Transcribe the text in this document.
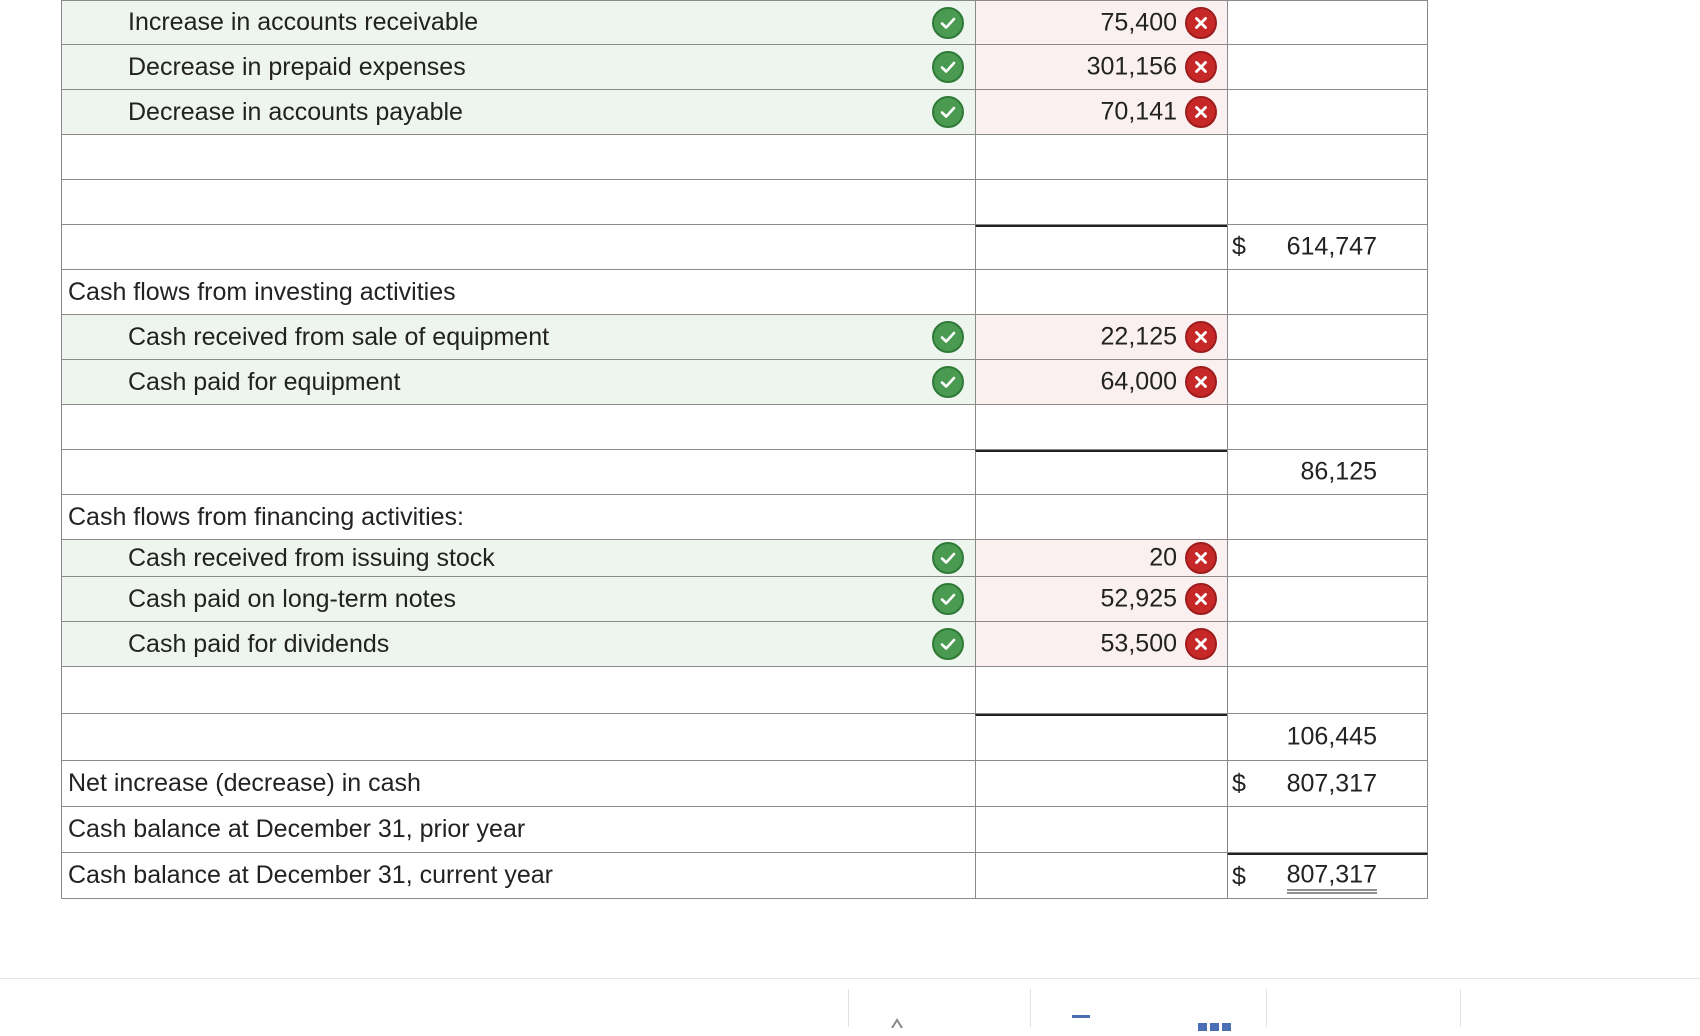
Increase in accounts receivable	75,400
Decrease in prepaid expenses	301,156
Decrease in accounts payable	70,141
$ 614,747
Cash flows from investing activities
Cash received from sale of equipment	22,125
Cash paid for equipment	64,000
86,125
Cash flows from financing activities:
Cash received from issuing stock	20
Cash paid on long-term notes	52,925
Cash paid for dividends	53,500
106,445
Net increase (decrease) in cash	$ 807,317
Cash balance at December 31, prior year
Cash balance at December 31, current year	$ 807,317
